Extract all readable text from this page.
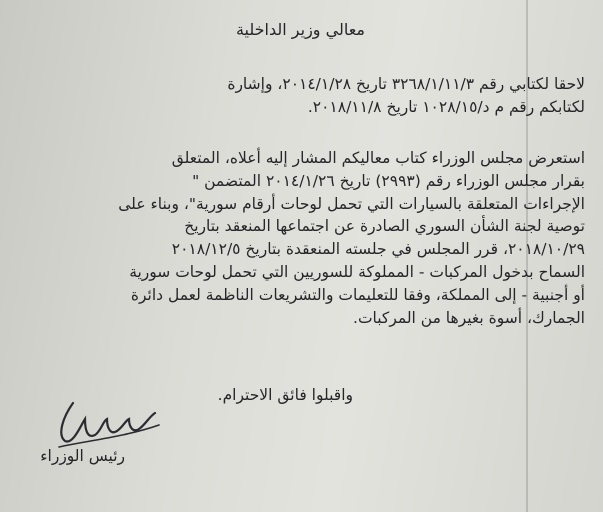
معالي وزير الداخلية
لاحقا لكتابي رقم ٣٢٦٨/١/١١/٣ تاريخ ٢٠١٤/١/٢٨، وإشارة
لكتابكم رقم م د/١٠٢٨/١٥ تاريخ ٢٠١٨/١١/٨.
استعرض مجلس الوزراء كتاب معاليكم المشار إليه أعلاه، المتعلق
بقرار مجلس الوزراء رقم (٢٩٩٣) تاريخ ٢٠١٤/١/٢٦ المتضمن "
الإجراءات المتعلقة بالسيارات التي تحمل لوحات أرقام سورية"، وبناء على
توصية لجنة الشأن السوري الصادرة عن اجتماعها المنعقد بتاريخ
٢٠١٨/١٠/٢٩، قرر المجلس في جلسته المنعقدة بتاريخ ٢٠١٨/١٢/٥
السماح بدخول المركبات - المملوكة للسوريين التي تحمل لوحات سورية
أو أجنبية - إلى المملكة، وفقا للتعليمات والتشريعات الناظمة لعمل دائرة
الجمارك، أسوة بغيرها من المركبات.
واقبلوا فائق الاحترام.
رئيس الوزراء
